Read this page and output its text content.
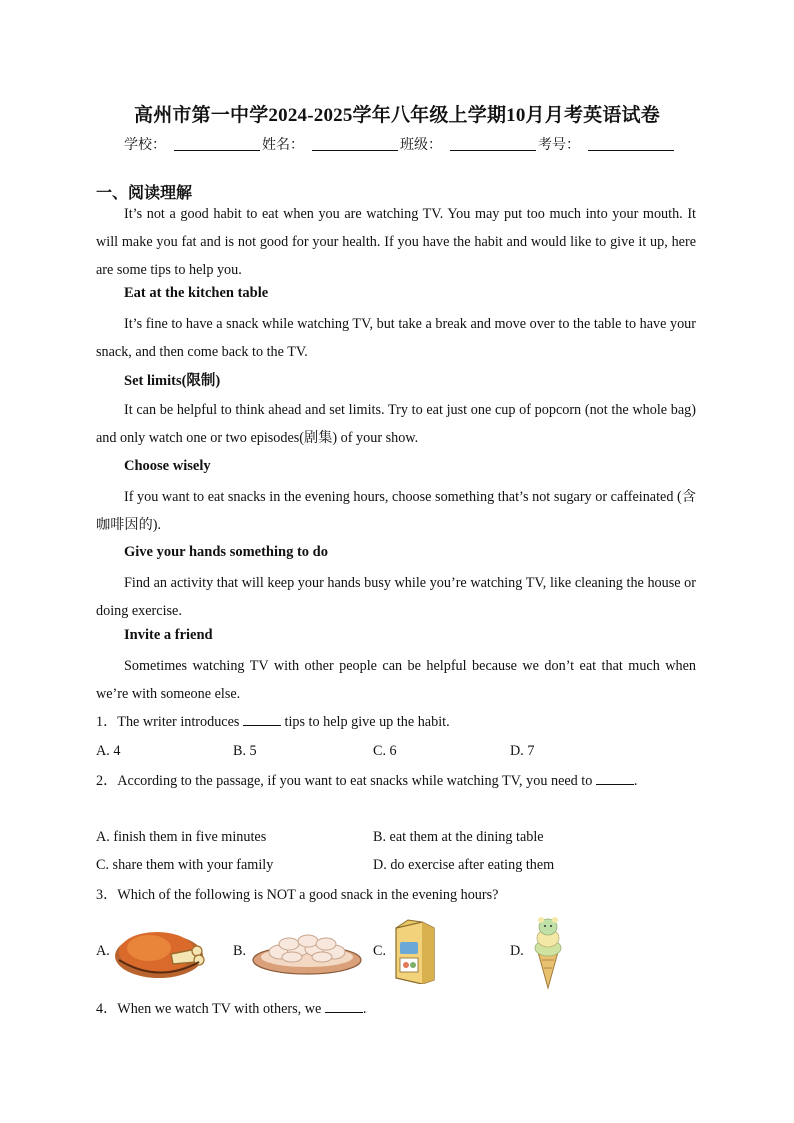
高州市第一中学2024-2025学年八年级上学期10月月考英语试卷
学校：	姓名：	班级：	考号：
一、阅读理解
It’s not a good habit to eat when you are watching TV. You may put too much into your mouth. It will make you fat and is not good for your health. If you have the habit and would like to give it up, here are some tips to help you.
Eat at the kitchen table
It’s fine to have a snack while watching TV, but take a break and move over to the table to have your snack, and then come back to the TV.
Set limits(限制)
It can be helpful to think ahead and set limits. Try to eat just one cup of popcorn (not the whole bag) and only watch one or two episodes(剧集) of your show.
Choose wisely
If you want to eat snacks in the evening hours, choose something that’s not sugary or caffeinated (含咖啡因的).
Give your hands something to do
Find an activity that will keep your hands busy while you’re watching TV, like cleaning the house or doing exercise.
Invite a friend
Sometimes watching TV with other people can be helpful because we don’t eat that much when we’re with someone else.
1．The writer introduces	tips to help give up the habit.
A. 4	B. 5	C. 6	D. 7
2．According to the passage, if you want to eat snacks while watching TV, you need to	.
A. finish them in five minutes	B. eat them at the dining table
C. share them with your family	D. do exercise after eating them
3．Which of the following is NOT a good snack in the evening hours?
A.	B.	C.	D.
4．When we watch TV with others, we	.
